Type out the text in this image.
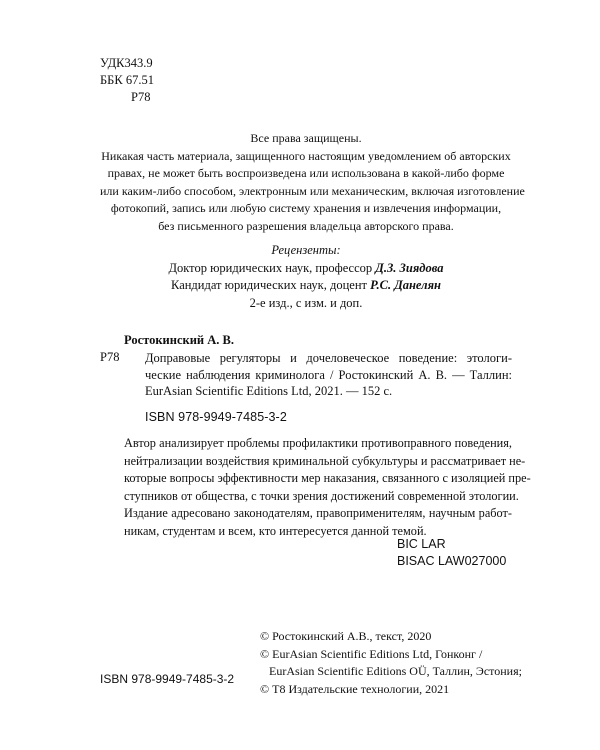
УДК343.9
ББК 67.51
Р78
Все права защищены.
Никакая часть материала, защищенного настоящим уведомлением об авторских
правах, не может быть воспроизведена или использована в какой-либо форме
или каким-либо способом, электронным или механическим, включая изготовление
фотокопий, запись или любую систему хранения и извлечения информации,
без письменного разрешения владельца авторского права.
Рецензенты:
Доктор юридических наук, профессор Д.З. Зиядова
Кандидат юридических наук, доцент Р.С. Данелян
2-е изд., с изм. и доп.
Ростокинский А. В.
Р78 Доправовые регуляторы и дочеловеческое поведение: этологи-
ческие наблюдения криминолога / Ростокинский А. В. — Таллин:
EurAsian Scientific Editions Ltd, 2021. — 152 с.
ISBN 978-9949-7485-3-2
Автор анализирует проблемы профилактики противоправного поведения,
нейтрализации воздействия криминальной субкультуры и рассматривает не-
которые вопросы эффективности мер наказания, связанного с изоляцией пре-
ступников от общества, с точки зрения достижений современной этологии.
Издание адресовано законодателям, правоприменителям, научным работ-
никам, студентам и всем, кто интересуется данной темой.
BIC LAR
BISAC LAW027000
© Ростокинский А.В., текст, 2020
© EurAsian Scientific Editions Ltd, Гонконг /
EurAsian Scientific Editions OÜ, Таллин, Эстония;
© Т8 Издательские технологии, 2021
ISBN 978-9949-7485-3-2
